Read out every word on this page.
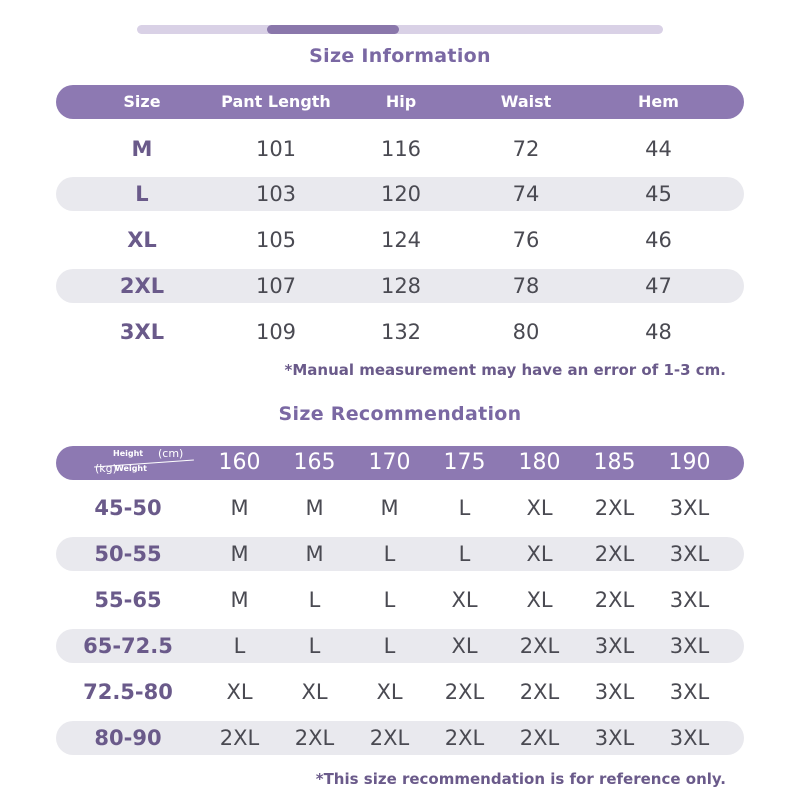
Size Information
Size	Pant Length	Hip	Waist	Hem
M	101	116	72	44
L	103	120	74	45
XL	105	124	76	46
2XL	107	128	78	47
3XL	109	132	80	48
*Manual measurement may have an error of 1-3 cm.
Size Recommendation
Height (cm)
(kg)
Weight	160	165	170	175	180	185	190
45-50	M	M	M	L	XL	2XL	3XL
50-55	M	M	L	L	XL	2XL	3XL
55-65	M	L	L	XL	XL	2XL	3XL
65-72.5	L	L	L	XL	2XL	3XL	3XL
72.5-80	XL	XL	XL	2XL	2XL	3XL	3XL
80-90	2XL	2XL	2XL	2XL	2XL	3XL	3XL
*This size recommendation is for reference only.
